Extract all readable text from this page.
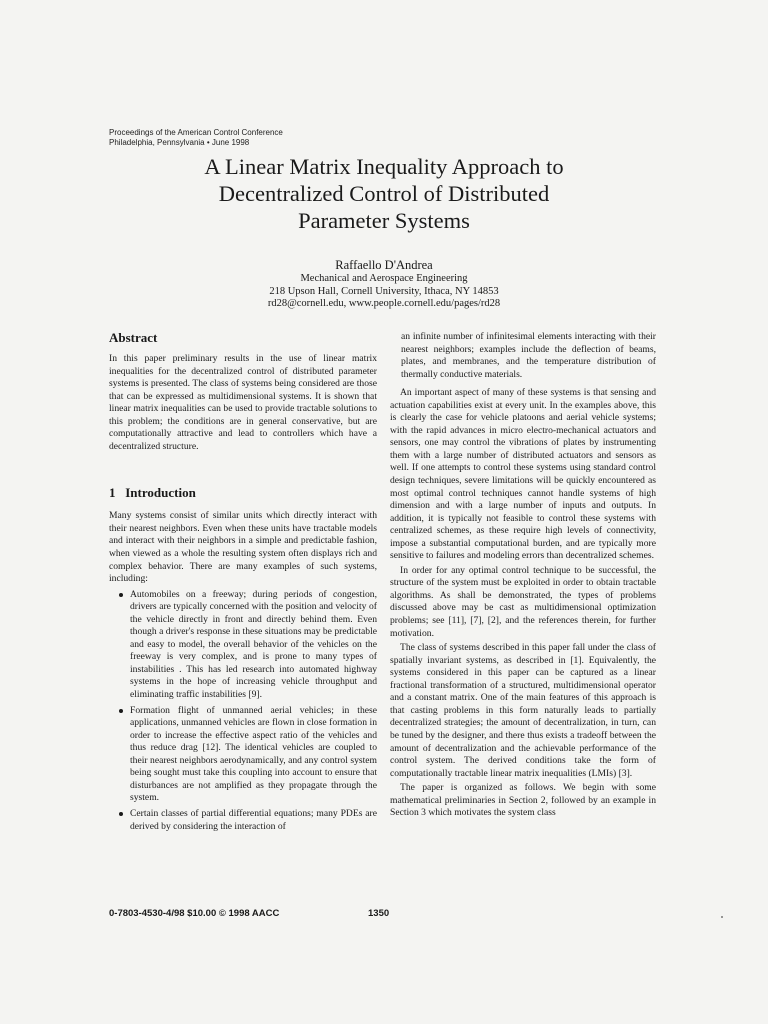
Proceedings of the American Control Conference
Philadelphia, Pennsylvania • June 1998
A Linear Matrix Inequality Approach to
Decentralized Control of Distributed
Parameter Systems
Raffaello D'Andrea
Mechanical and Aerospace Engineering
218 Upson Hall, Cornell University, Ithaca, NY 14853
rd28@cornell.edu, www.people.cornell.edu/pages/rd28
Abstract

In this paper preliminary results in the use of linear matrix inequalities for the decentralized control of distributed parameter systems is presented. The class of systems being considered are those that can be expressed as multidimensional systems. It is shown that linear matrix inequalities can be used to provide tractable solutions to this problem; the conditions are in general conservative, but are computationally attractive and lead to controllers which have a decentralized structure.

1 Introduction

Many systems consist of similar units which directly interact with their nearest neighbors. Even when these units have tractable models and interact with their neighbors in a simple and predictable fashion, when viewed as a whole the resulting system often displays rich and complex behavior. There are many examples of such systems, including:

Automobiles on a freeway; during periods of congestion, drivers are typically concerned with the position and velocity of the vehicle directly in front and directly behind them. Even though a driver's response in these situations may be predictable and easy to model, the overall behavior of the vehicles on the freeway is very complex, and is prone to many types of instabilities . This has led research into automated highway systems in the hope of increasing vehicle throughput and eliminating traffic instabilities [9].
Formation flight of unmanned aerial vehicles; in these applications, unmanned vehicles are flown in close formation in order to increase the effective aspect ratio of the vehicles and thus reduce drag [12]. The identical vehicles are coupled to their nearest neighbors aerodynamically, and any control system being sought must take this coupling into account to ensure that disturbances are not amplified as they propagate through the system.
Certain classes of partial differential equations; many PDEs are derived by considering the interaction of

an infinite number of infinitesimal elements interacting with their nearest neighbors; examples include the deflection of beams, plates, and membranes, and the temperature distribution of thermally conductive materials.

An important aspect of many of these systems is that sensing and actuation capabilities exist at every unit. In the examples above, this is clearly the case for vehicle platoons and aerial vehicle systems; with the rapid advances in micro electro-mechanical actuators and sensors, one may control the vibrations of plates by instrumenting them with a large number of distributed actuators and sensors as well. If one attempts to control these systems using standard control design techniques, severe limitations will be quickly encountered as most optimal control techniques cannot handle systems of high dimension and with a large number of inputs and outputs. In addition, it is typically not feasible to control these systems with centralized schemes, as these require high levels of connectivity, impose a substantial computational burden, and are typically more sensitive to failures and modeling errors than decentralized schemes.

In order for any optimal control technique to be successful, the structure of the system must be exploited in order to obtain tractable algorithms. As shall be demonstrated, the types of problems discussed above may be cast as multidimensional optimization problems; see [11], [7], [2], and the references therein, for further motivation.

The class of systems described in this paper fall under the class of spatially invariant systems, as described in [1]. Equivalently, the systems considered in this paper can be captured as a linear fractional transformation of a structured, multidimensional operator and a constant matrix. One of the main features of this approach is that casting problems in this form naturally leads to partially decentralized strategies; the amount of decentralization, in turn, can be tuned by the designer, and there thus exists a tradeoff between the amount of decentralization and the achievable performance of the control system. The derived conditions take the form of computationally tractable linear matrix inequalities (LMIs) [3].

The paper is organized as follows. We begin with some mathematical preliminaries in Section 2, followed by an example in Section 3 which motivates the system class

0-7803-4530-4/98 $10.00 © 1998 AACC	1350
